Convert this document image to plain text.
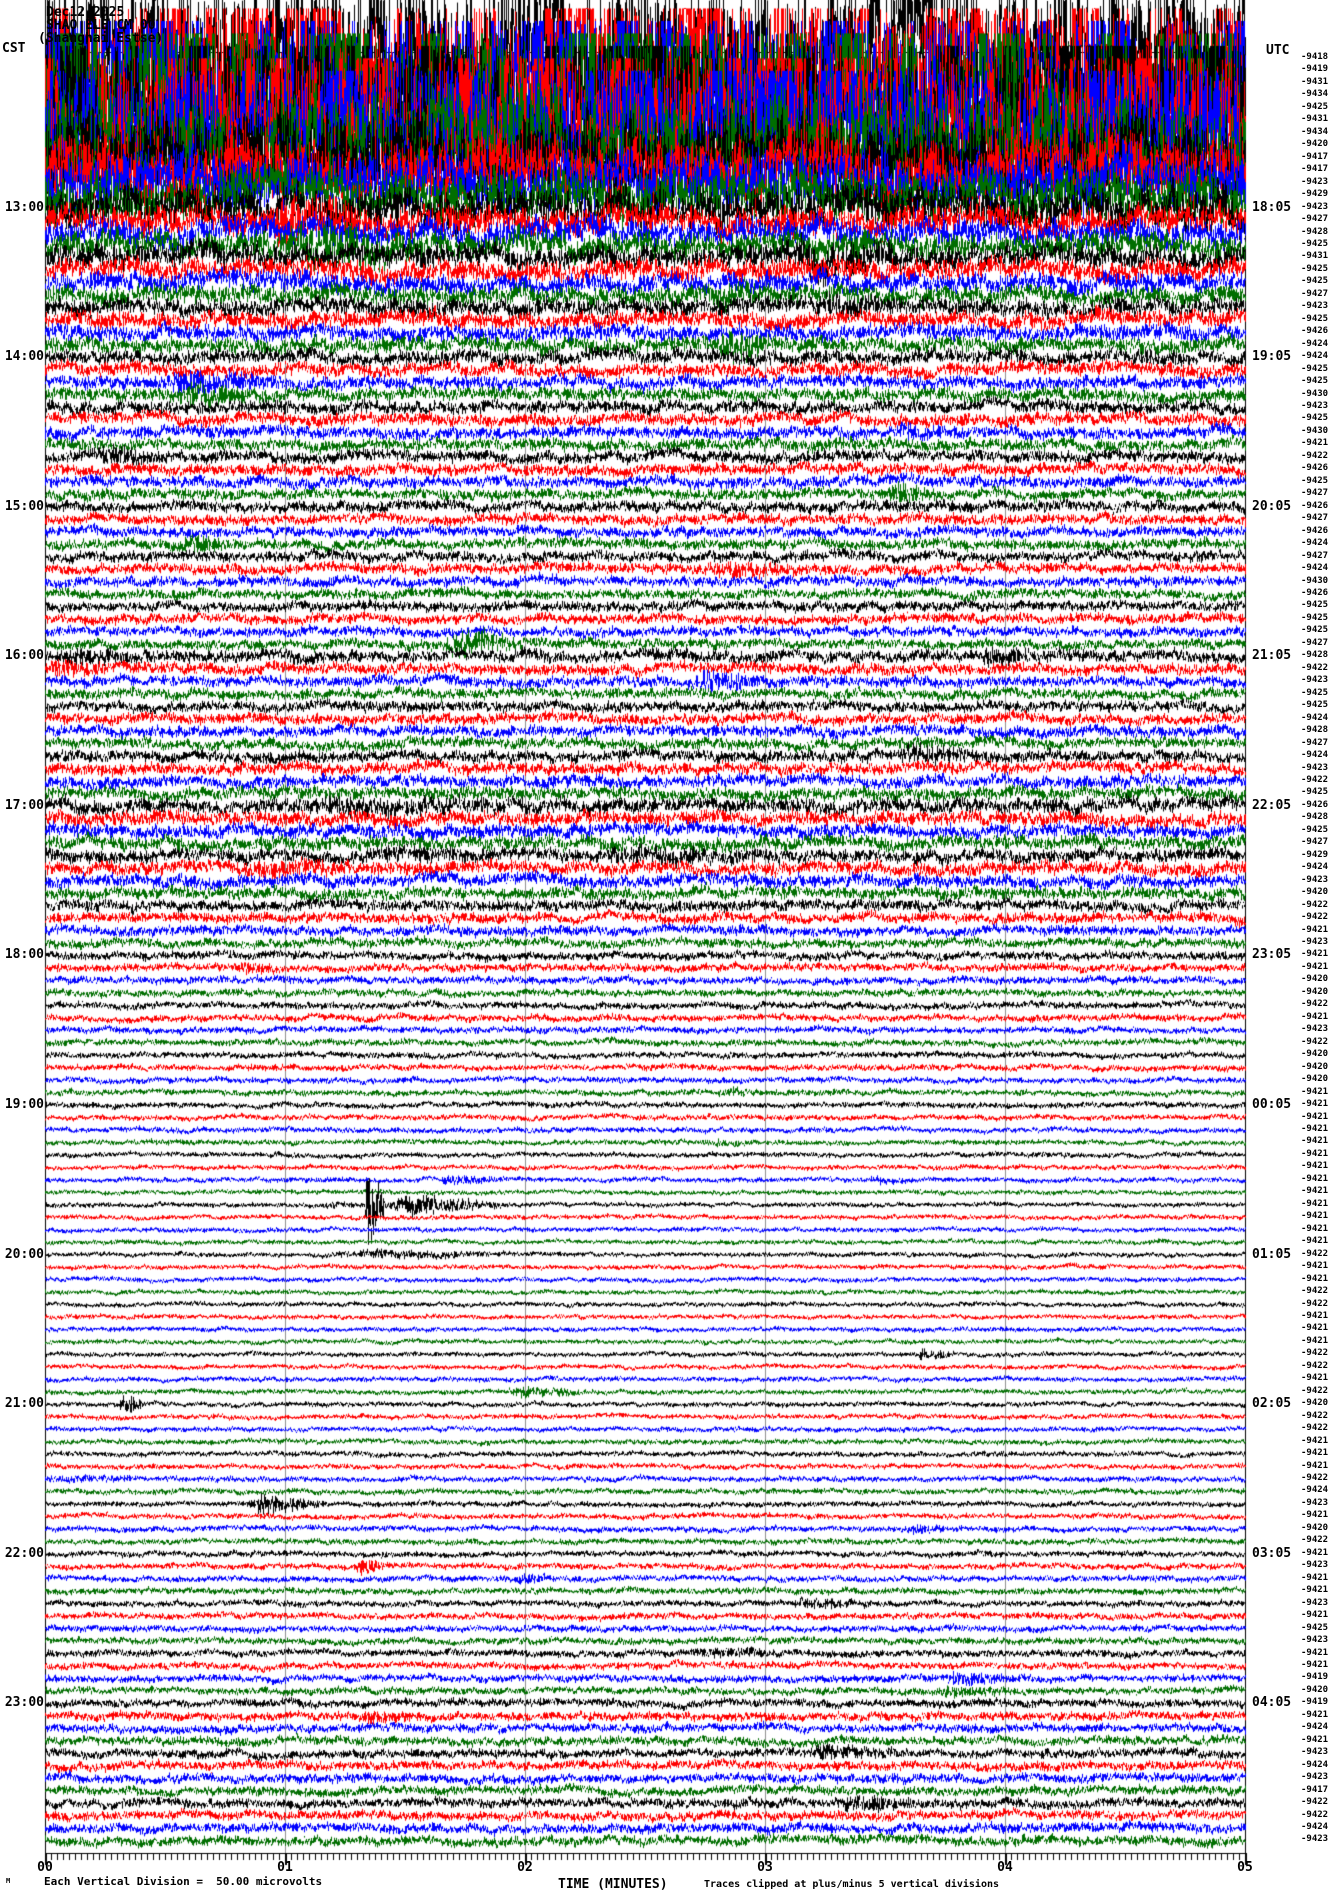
Dec12,2025
SHAO ELE CM 00
(Shanghai Estse)
CST	UTC -9418
-9419
-9431
-9434
-9425
-9431
-9434
-9420
-9417
-9417
-9423
-9429
-9423
-9427
-9428
-9425
-9431
-9425
-9425
-9427
-9423
-9425
-9426
-9424
-9424
-9425
-9425
-9430
-9423
-9425
-9430
-9421
-9422
-9426
-9425
-9427
-9426
-9427
-9426
-9424
-9427
-9424
-9430
-9426
-9425
-9425
-9425
-9427
-9428
-9422
-9423
-9425
-9425
-9424
-9428
-9427
-9424
-9423
-9422
-9425
-9426
-9428
-9425
-9427
-9429
-9424
-9423
-9420
-9422
-9422
-9421
-9423
-9421
-9421
-9420
-9420
-9422
-9421
-9423
-9422
-9420
-9420
-9420
-9421
-9421
-9421
-9421
-9421
-9421
-9421
-9421
-9421
-9421
-9421
-9421
-9421
-9422
-9421
-9421
-9422
-9422
-9421
-9421
-9421
-9422
-9422
-9421
-9422
-9420
-9422
-9422
-9421
-9421
-9421
-9422
-9424
-9423
-9421
-9420
-9422
-9421
-9423
-9421
-9421
-9423
-9421
-9425
-9423
-9421
-9421
-9419
-9420
-9419
-9421
-9424
-9421
-9423
-9424
-9423
-9417
-9422
-9422
-9424
-9423
13:00	18:05
14:00	19:05
15:00	20:05
16:00	21:05
17:00	22:05
18:00	23:05
19:00	00:05
20:00	01:05
21:00	02:05
22:00	03:05
23:00	04:05
00	01	02	03	04	05
M	Each Vertical Division =  50.00 microvolts	TIME (MINUTES)	Traces clipped at plus/minus 5 vertical divisions
